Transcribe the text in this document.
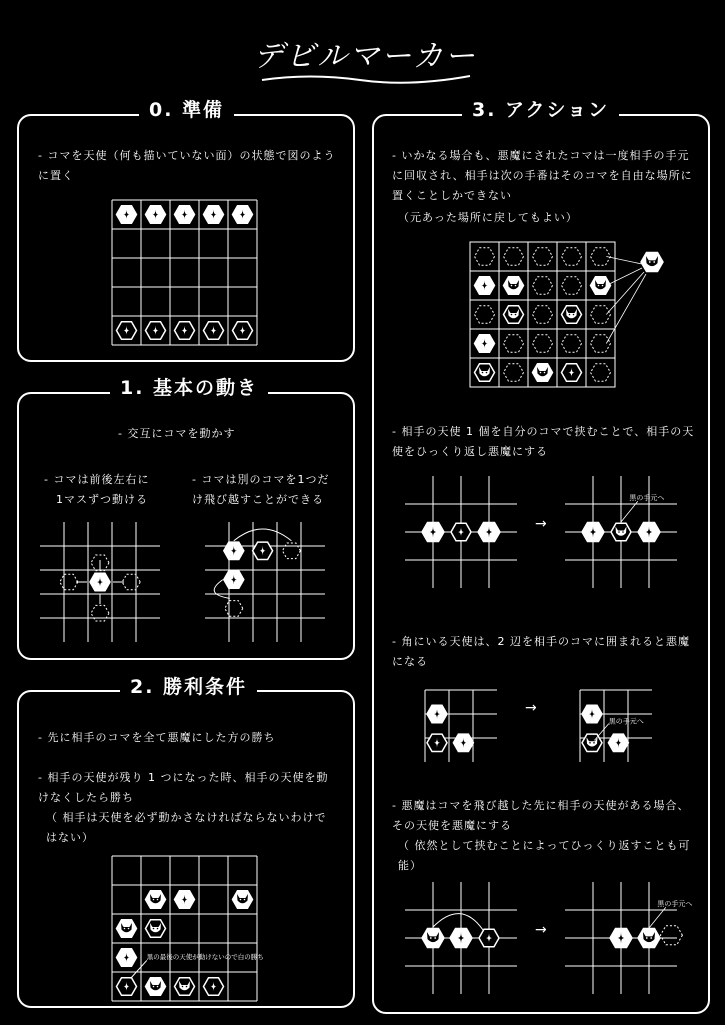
デビルマーカー
0. 準備
- コマを天使（何も描いていない面）の状態で図のように置く
1. 基本の動き
- 交互にコマを動かす
- コマは前後左右に
　1マスずつ動ける
- コマは別のコマを1つだけ飛び越すことができる
2. 勝利条件
- 先に相手のコマを全て悪魔にした方の勝ち
- 相手の天使が残り 1 つになった時、相手の天使を動けなくしたら勝ち
（ 相手は天使を必ず動かさなければならないわけではない）
黒の最後の天使が動けないので白の勝ち
3. アクション
- いかなる場合も、悪魔にされたコマは一度相手の手元に回収され、相手は次の手番はそのコマを自由な場所に置くことしかできない
（元あった場所に戻してもよい）
- 相手の天使 1 個を自分のコマで挟むことで、相手の天使をひっくり返し悪魔にする
→
黒の手元へ
- 角にいる天使は、2 辺を相手のコマに囲まれると悪魔になる
→
黒の手元へ
- 悪魔はコマを飛び越した先に相手の天使がある場合、その天使を悪魔にする
（ 依然として挟むことによってひっくり返すことも可能）
→
黒の手元へ
